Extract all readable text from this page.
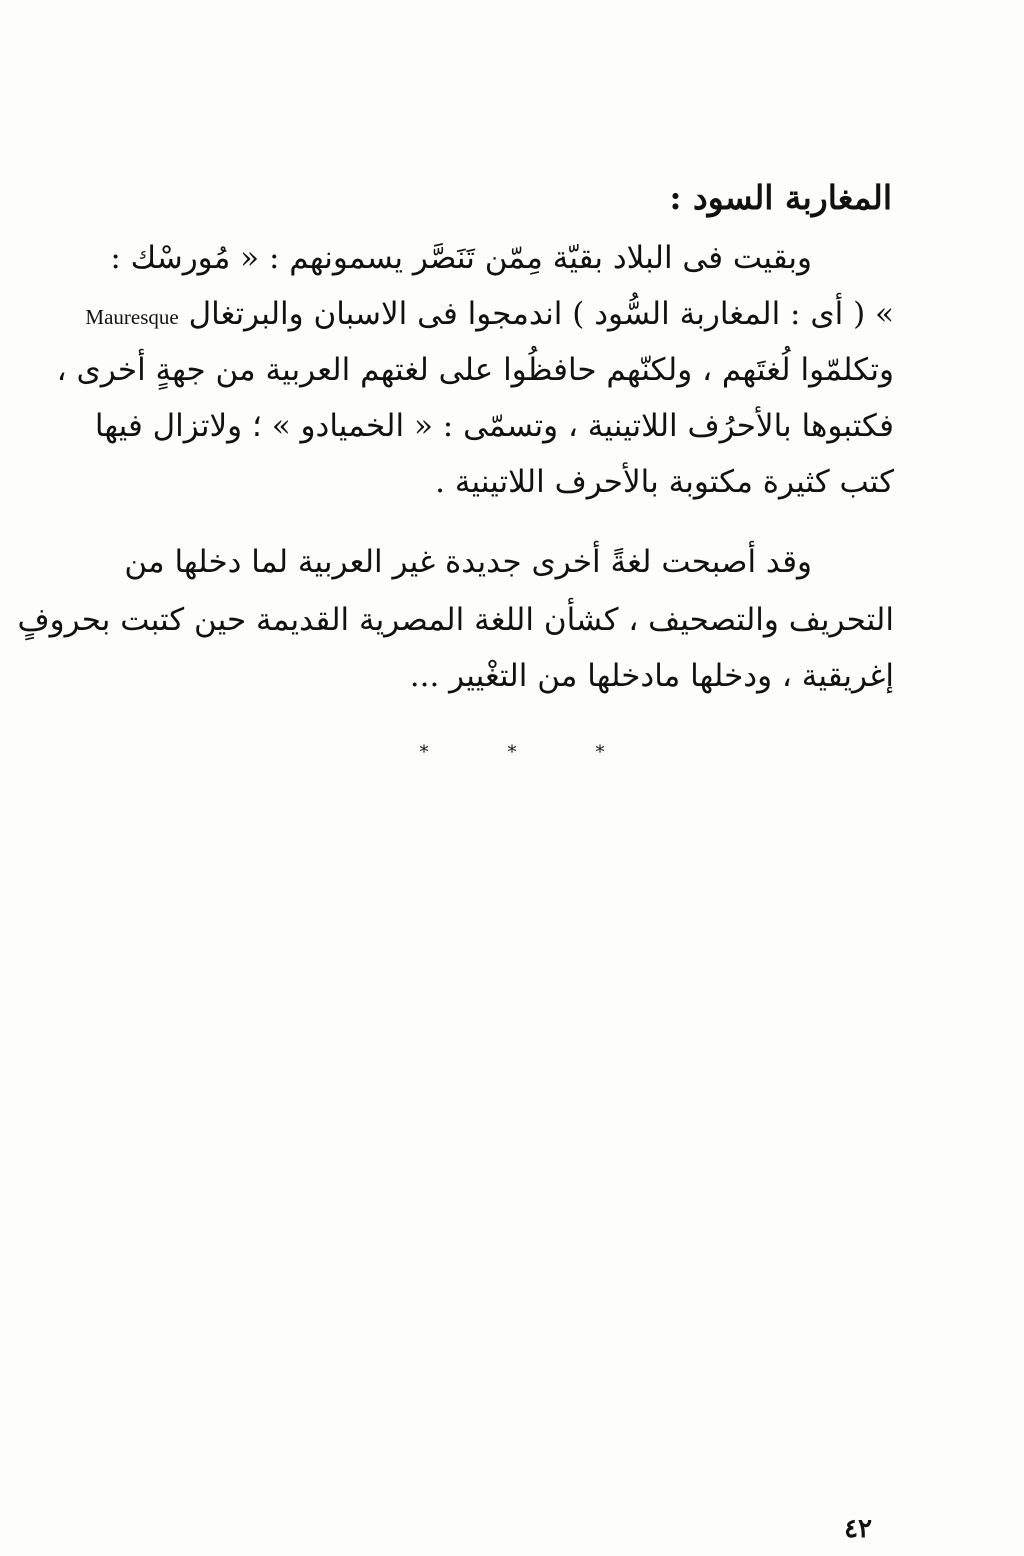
المغاربة السود :
وبقيت فى البلاد بقيّة مِمّن تَنَصَّر يسمونهم : « مُورسْك :
» ( أى : المغاربة السُّود ) اندمجوا فى الاسبان والبرتغال Mauresque
وتكلمّوا لُغتَهم ، ولكنّهم حافظُوا على لغتهم العربية من جهةٍ أخرى ،
فكتبوها بالأحرُف اللاتينية ، وتسمّى : « الخميادو » ؛ ولاتزال فيها
كتب كثيرة مكتوبة بالأحرف اللاتينية .
وقد أصبحت لغةً أخرى جديدة غير العربية لما دخلها من
التحريف والتصحيف ، كشأن اللغة المصرية القديمة حين كتبت بحروفٍ
إغريقية ، ودخلها مادخلها من التغْيير ...
*	*	*
٤٢
